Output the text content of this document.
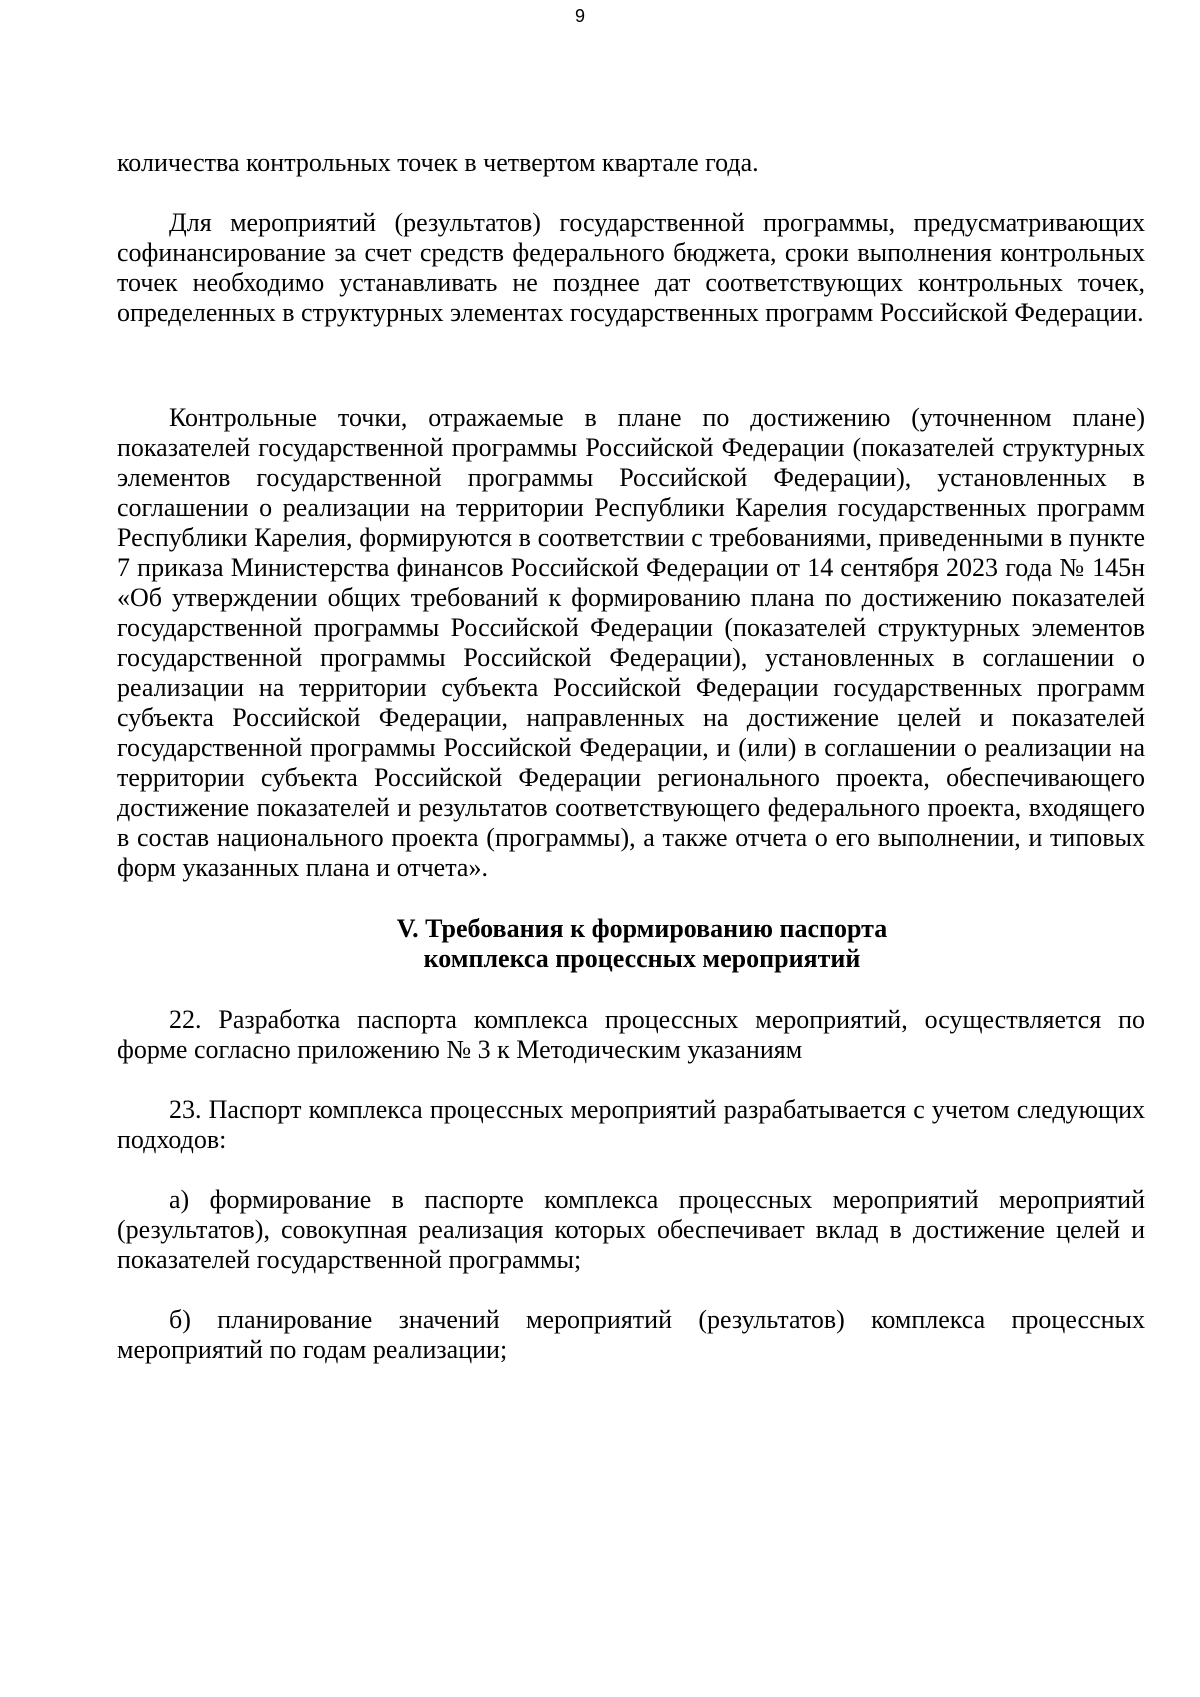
9

количества контрольных точек в четвертом квартале года.

Для мероприятий (результатов) государственной программы, предусматривающих софинансирование за счет средств федерального бюджета, сроки выполнения контрольных точек необходимо устанавливать не позднее дат соответствующих контрольных точек, определенных в структурных элементах государственных программ Российской Федерации.

Контрольные точки, отражаемые в плане по достижению (уточненном плане) показателей государственной программы Российской Федерации (показателей структурных элементов государственной программы Российской Федерации), установленных в соглашении о реализации на территории Республики Карелия государственных программ Республики Карелия, формируются в соответствии с требованиями, приведенными в пункте 7 приказа Министерства финансов Российской Федерации от 14 сентября 2023 года № 145н «Об утверждении общих требований к формированию плана по достижению показателей государственной программы Российской Федерации (показателей структурных элементов государственной программы Российской Федерации), установленных в соглашении о реализации на территории субъекта Российской Федерации государственных программ субъекта Российской Федерации, направленных на достижение целей и показателей государственной программы Российской Федерации, и (или) в соглашении о реализации на территории субъекта Российской Федерации регионального проекта, обеспечивающего достижение показателей и результатов соответствующего федерального проекта, входящего в состав национального проекта (программы), а также отчета о его выполнении, и типовых форм указанных плана и отчета».

V. Требования к формированию паспорта
комплекса процессных мероприятий

22. Разработка паспорта комплекса процессных мероприятий, осуществляется по форме согласно приложению № 3 к Методическим указаниям

23. Паспорт комплекса процессных мероприятий разрабатывается с учетом следующих подходов:

а) формирование в паспорте комплекса процессных мероприятий мероприятий (результатов), совокупная реализация которых обеспечивает вклад в достижение целей и показателей государственной программы;

б) планирование значений мероприятий (результатов) комплекса процессных мероприятий по годам реализации;
